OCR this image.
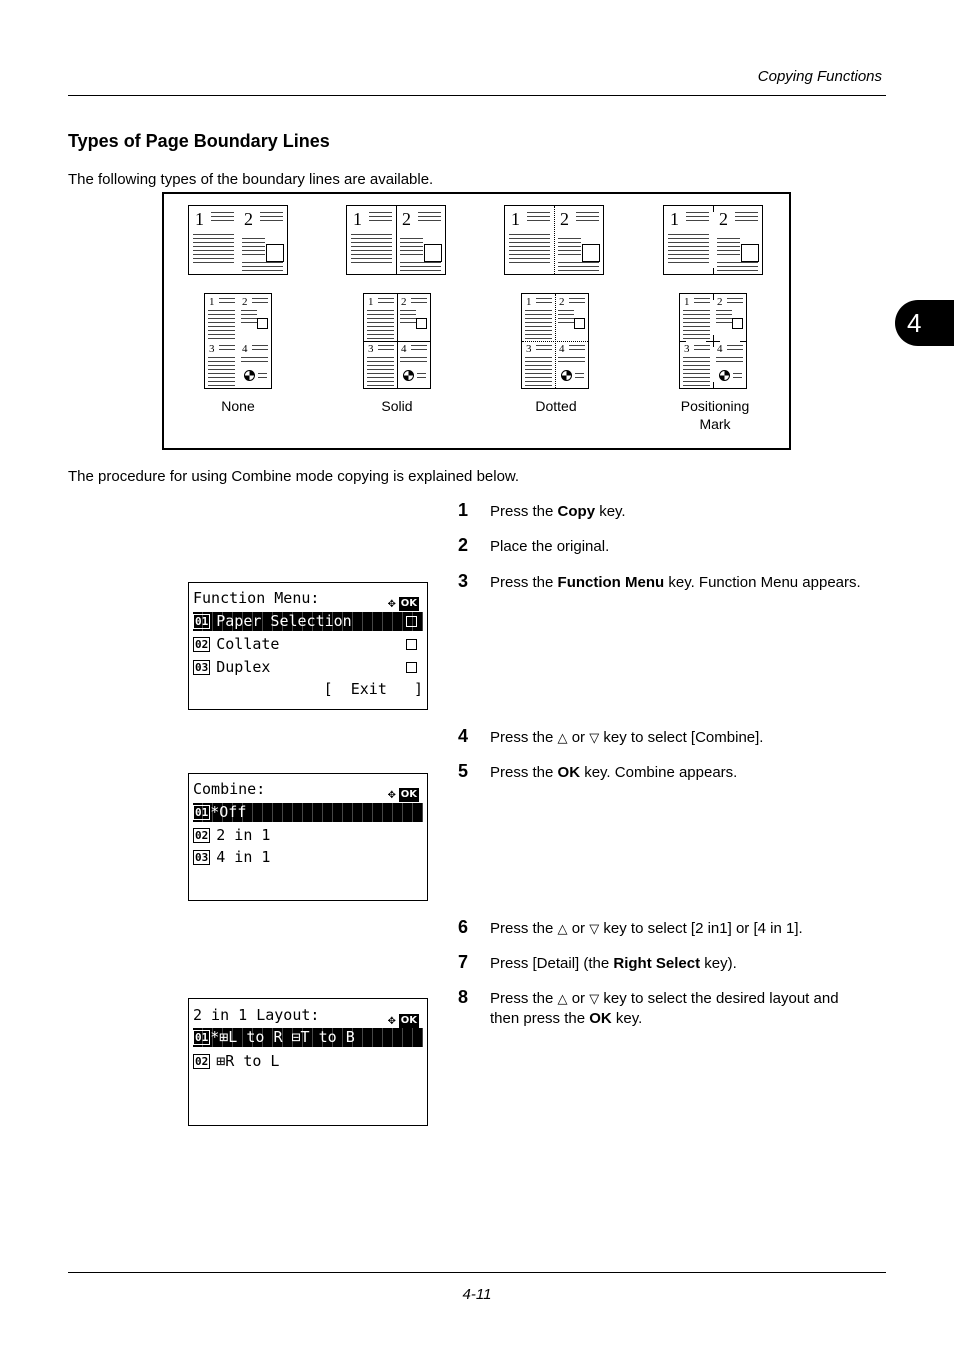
Copying Functions
4
Types of Page Boundary Lines
The following types of the boundary lines are available.
1 2
1	2
3	4
1 2
1	2
3	4
1 2
1	2
3	4
1 2
1	2
3	4
None	Solid	Dotted	Positioning
Mark
The procedure for using Combine mode copying is explained below.
1	Press the Copy key.
2	Place the original.
3	Press the Function Menu key. Function Menu appears.
4	Press the △ or ▽ key to select [Combine].
5	Press the OK key. Combine appears.
6	Press the △ or ▽ key to select [2 in1] or [4 in 1].
7	Press [Detail] (the Right Select key).
8	Press the △ or ▽ key to select the desired layout and
then press the OK key.
Function Menu:
	✥ OK
01 Paper Selection
02 Collate
03 Duplex
[  Exit   ]
Combine:
	✥ OK
01 *Off
02 2 in 1
03 4 in 1
2 in 1 Layout:
	✥ OK
01 *⊞L to R ⊟T to B
02 ⊞R to L
4-11
